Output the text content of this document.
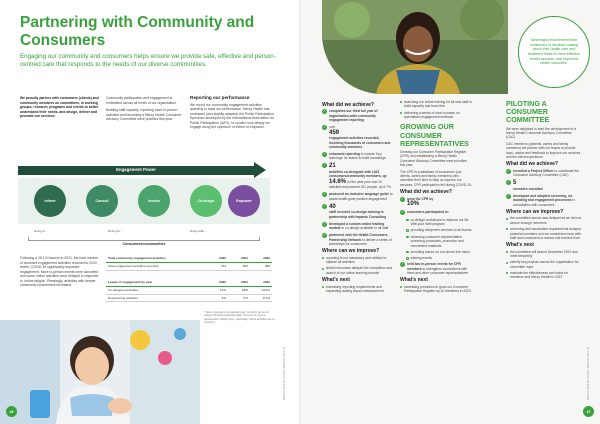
Partnering with Community and Consumers
Engaging our community and consumers helps ensure we provide safe, effective and person-centred care that responds to the needs of our diverse communities.
We proudly partner with consumers (clients) and community members on committees, in working groups, research, programs and events to better understand their needs, and design, deliver and promote our services.

Community participation and engagement is embedded across all levels of our organisation.

Building staff capacity, reporting more in-person activities and launching a Mercy Health Consumer Advisory Committee were priorities this year.

Reporting our performance

We report our community engagement activities quarterly to track our performance. Mercy Health has embraced (and slightly adapted) the Public Participation Spectrum developed by the International Association for Public Participation (IAP2), to monitor how deeply we engage along the spectrum of inform to empower.

Engagement Power
Inform	Consult	Involve	Co-design	Empower
Doing to…	Doing for…	Doing with…
Consumers/communities
Following a 28.1% bounce in 2021, the total number of recorded engagement activities returned to 2020 levels. COVID-19 significantly impacted engagement. More in-person events were cancelled and some online activities were delayed in response to 'online fatigue'. Pleasingly, activities with deeper community involvement increased.
Total community engagement activities	2020	2021	2022
Total engagement activities recorded	474	593	458
Levels of engagement by year	2020	2021	2022
Co-designed activities	12%	18%	14.6%
Empowering activities	4%	6%	8.7%
* Note: reporting is by calendar year. Currently we do not collect individual participant data. This picture may be represented multiple times, particularly where activities are re-occurring.
46
MERCY HEALTH ANNUAL REPORT 2021–22
Meaningful involvement from consumers in decision-making about their health care and treatment leads to more effective health services, and improved health outcomes.
What did we achieve?
✓ completed our third full year of organisation-wide community engagement reporting
✓ over
459
engagement activities recorded, involving thousands of consumers and community members
✓ enhanced reporting to include 'key learnings' for teams to build knowledge
✓ 21
activities co-designed with 1323 consumers/community members, up 14.6% on the year prior and 20 activities empowered 321 people, up 8.7%
✓ produced an inclusive language guide to assist health-giver positive engagement
✓ 40
staff received co-design training in partnership with Impacts Consulting
✓ developed a custom online training module in co-design available to all staff
✓ partnered with the Health Consumers Partnership Network to deliver a series of workshops for consumers
Where can we improve?
reporting is not mandatory and unlikely to capture all activities
limited resources delayed the completion and launch of our online learning module
What's next
Increasing reporting requirements and expanding adding impact measurement
launching our online training for all new staff to build capacity and learn this
delivering a series of short courses on specialised engagement methods
GROWING OUR CONSUMER REPRESENTATIVES

Growing our Consumer Participation Register (CPR) and establishing a Mercy Health Consumer Advisory Committee were priorities this year.

The CPR is a database of consumers (our clients, carers and family members) who volunteer their time to help us improve our services. CPR participation fell during COVID-19.

What did we achieve?
✓ grew the CPR by
10%
✓ consumers participated in:
co-design workshops to improve our Be Well your Well program
providing interpreter services to all events
reviewing consumer representative screening processes, promotion and recruitment materials
providing advice on our phone line menu
training events
✓ held two in-person events for CPR members to strengthen connections with them and other consumer representatives
What's next
increasing promotion to grow our Consumer Participation Register by 20 members in 2023
PILOTING A CONSUMER COMMITTEE

We were delighted to start the development of a Mercy Health Consumer Advisory Committee (CAC).

CAC members (patients, carers and family members) will partner with our teams to provide input, advice and feedback to improve our services and the client experience.

What did we achieve?
✓ recruited a Project Officer to coordinate the Consumer Advisory Committee (CAC)
✓ 5
members recruited
✓ developed and adopted screening, on-boarding and engagement processes in consultation with consumers
Where can we improve?
the committee launch was delayed as we did not secure enough members
screening and vaccination requirements delayed potential members and we considered more with staff and consumers to reduce exit barriers from
What's next
the committee will launch December 2022 and meet bimonthly
identify key projects across the organisation for committee input
evaluate the effectiveness and value for members and Mercy Health in 2023
MERCY HEALTH ANNUAL REPORT 2021–22
47
